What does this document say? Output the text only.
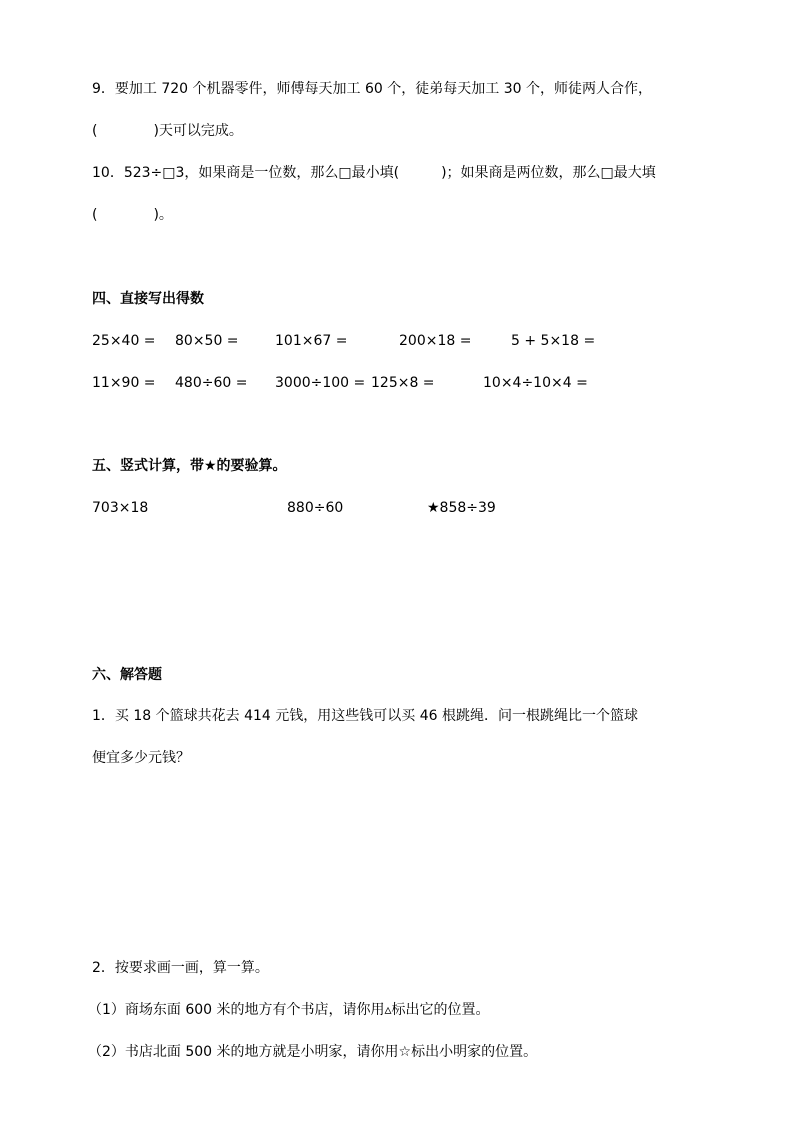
9．要加工 720 个机器零件，师傅每天加工 60 个，徒弟每天加工 30 个，师徒两人合作，
(　　　　)天可以完成。
10．523÷□3，如果商是一位数，那么□最小填(　　　)；如果商是两位数，那么□最大填
(　　　　)。
四、直接写出得数
25×40 = 80×50 =	101×67 =	200×18 =	5 + 5×18 =
11×90 = 480÷60 = 3000÷100 = 125×8 =	10×4÷10×4 =
五、竖式计算，带★的要验算。
703×18	880÷60	★858÷39
六、解答题
1．买 18 个篮球共花去 414 元钱，用这些钱可以买 46 根跳绳．问一根跳绳比一个篮球
便宜多少元钱？
2．按要求画一画，算一算。
（1）商场东面 600 米的地方有个书店，请你用▵标出它的位置。
（2）书店北面 500 米的地方就是小明家，请你用☆标出小明家的位置。
